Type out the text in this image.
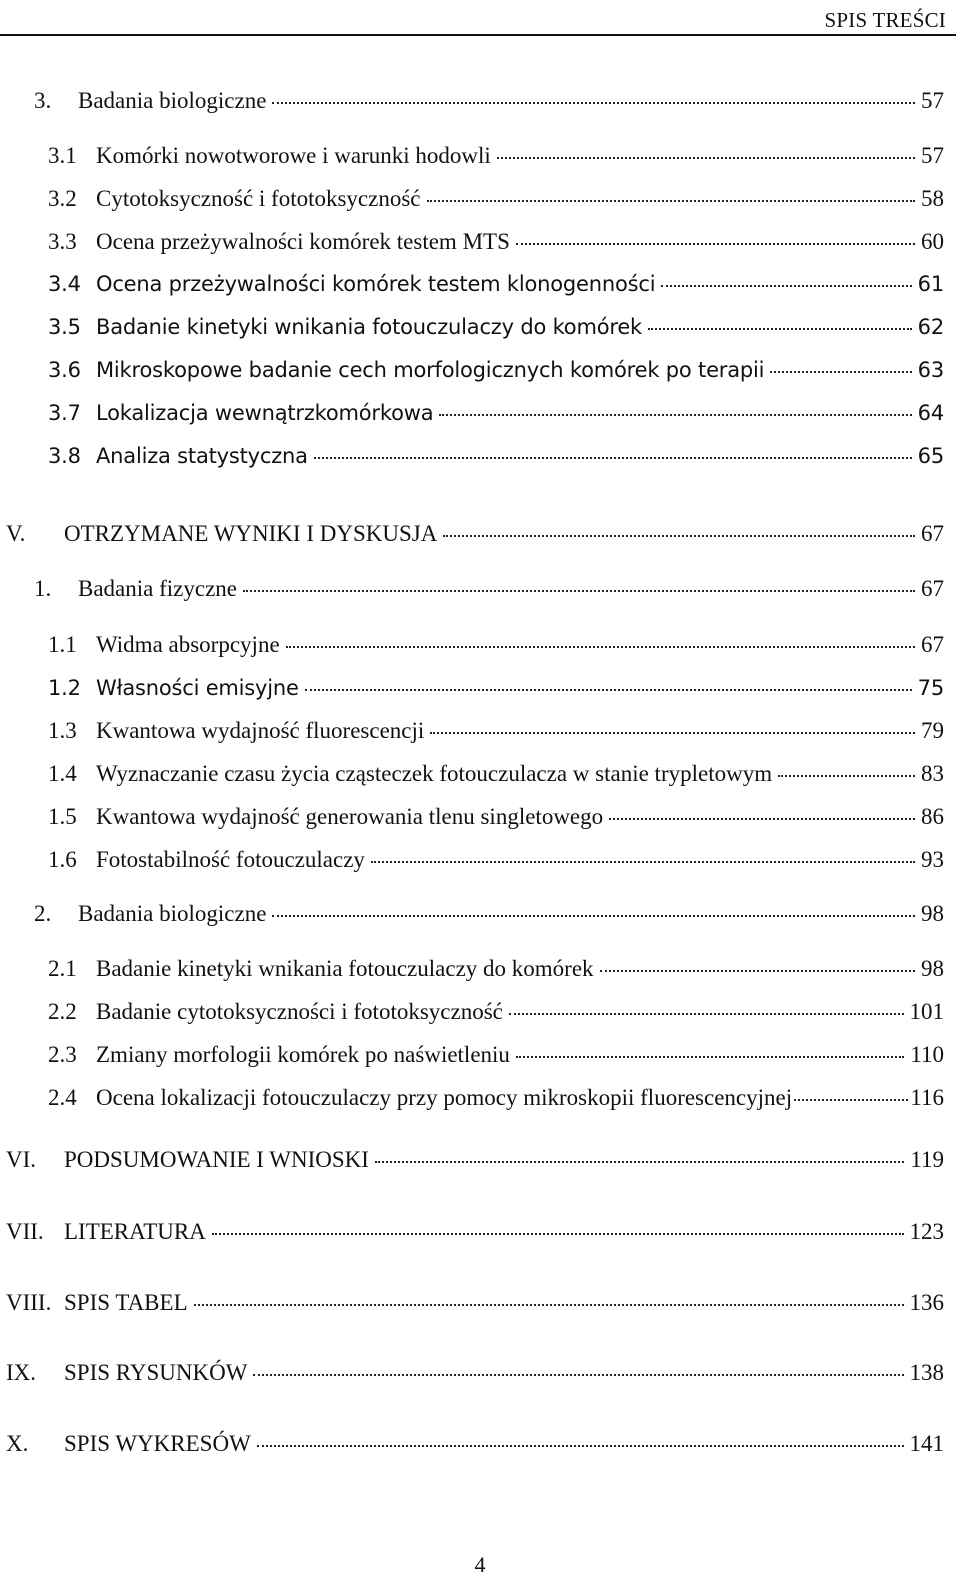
SPIS TREŚCI
3.	Badania biologiczne	57
3.1 Komórki nowotworowe i warunki hodowli	57
3.2 Cytotoksyczność i fototoksyczność	58
3.3 Ocena przeżywalności komórek testem MTS	60
3.4 Ocena przeżywalności komórek testem klonogenności	61
3.5 Badanie kinetyki wnikania fotouczulaczy do komórek	62
3.6 Mikroskopowe badanie cech morfologicznych komórek po terapii	63
3.7 Lokalizacja wewnątrzkomórkowa	64
3.8 Analiza statystyczna	65
V.	OTRZYMANE WYNIKI I DYSKUSJA	67
1.	Badania fizyczne	67
1.1 Widma absorpcyjne	67
1.2 Własności emisyjne	75
1.3 Kwantowa wydajność fluorescencji	79
1.4 Wyznaczanie czasu życia cząsteczek fotouczulacza w stanie trypletowym	83
1.5 Kwantowa wydajność generowania tlenu singletowego	86
1.6 Fotostabilność fotouczulaczy	93
2.	Badania biologiczne	98
2.1 Badanie kinetyki wnikania fotouczulaczy do komórek	98
2.2 Badanie cytotoksyczności i fototoksyczność	101
2.3 Zmiany morfologii komórek po naświetleniu	110
2.4 Ocena lokalizacji fotouczulaczy przy pomocy mikroskopii fluorescencyjnej	116
VI.	PODSUMOWANIE I WNIOSKI	119
VII. LITERATURA	123
VIII. SPIS TABEL	136
IX.	SPIS RYSUNKÓW	138
X.	SPIS WYKRESÓW	141
4
